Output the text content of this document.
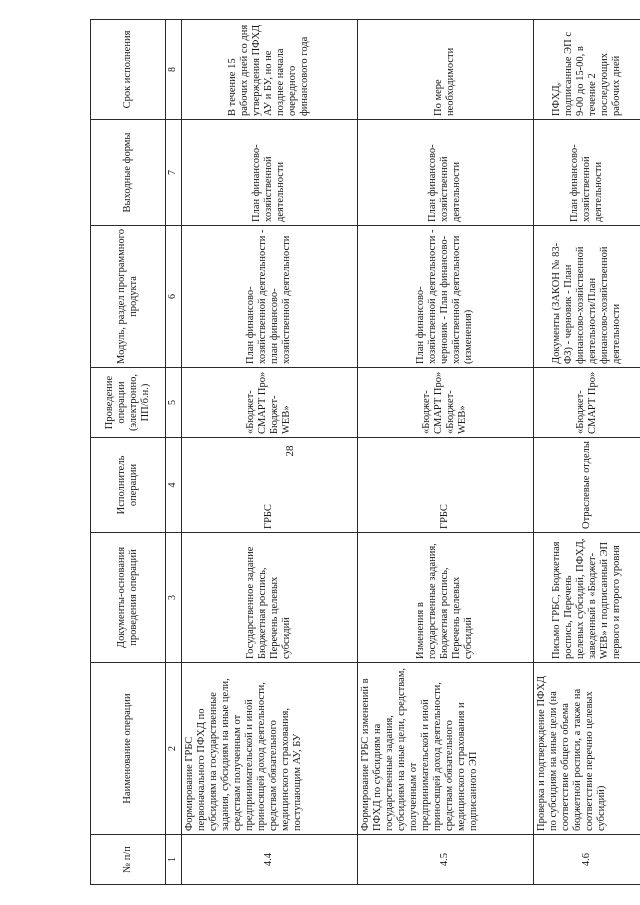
28
№ п/п	Наименование операции	Документы-основания проведения операций	Исполнитель операции	Проведение операции (электронно, ПП/б.н.)	Модуль, раздел программного продукта	Выходные формы	Срок исполнения
1	2	3	4	5	6	7	8
4.4	Формирование ГРБС первоначального ПФХД по субсидиям на государственные задания, субсидиям на иные цели, средствам полученным от предпринимательской и иной приносящей доход деятельности, средствам обязательного медицинского страхования, поступающим АУ, БУ	Государственное задание Бюджетная роспись, Перечень целевых субсидий	ГРБС	«Бюджет-СМАРТ Про» Бюджет-WEB»	План финансово-хозяйственной деятельности - план финансово-хозяйственной деятельности	План финансово-хозяйственной деятельности	В течение 15 рабочих дней со дня утверждения ПФХД АУ и БУ, но не позднее начала очередного финансового года
4.5	Формирование ГРБС изменений в ПФХД по субсидиям на государственные задания, субсидиям на иные цели, средствам, полученным от предпринимательской и иной приносящей доход деятельности, средствам обязательного медицинского страхования и подписанного ЭП	Изменения в государственные задания, Бюджетная роспись, Перечень целевых субсидий	ГРБС	«Бюджет-СМАРТ Про» «Бюджет-WEB»	План финансово-хозяйственной деятельности - черновик - План финансово-хозяйственной деятельности (изменения)	План финансово-хозяйственной деятельности	По мере необходимости
4.6	Проверка и подтверждение ПФХД по субсидиям на иные цели (на соответствие общего объема бюджетной росписи, а также на соответствие перечню целевых субсидий)	Письмо ГРБС, Бюджетная роспись, Перечень целевых субсидий, ПФХД, заведенный в «Бюджет-WEB» и подписанный ЭП первого и второго уровня	Отраслевые отделы	«Бюджет-СМАРТ Про»	Документы (ЗАКОН № 83-ФЗ) - черновик - План финансово-хозяйственной деятельности/План финансово-хозяйственной деятельности	План финансово-хозяйственной деятельности	ПФХД, подписанные ЭП с 9-00 до 15-00, в течение 2 последующих рабочих дней
